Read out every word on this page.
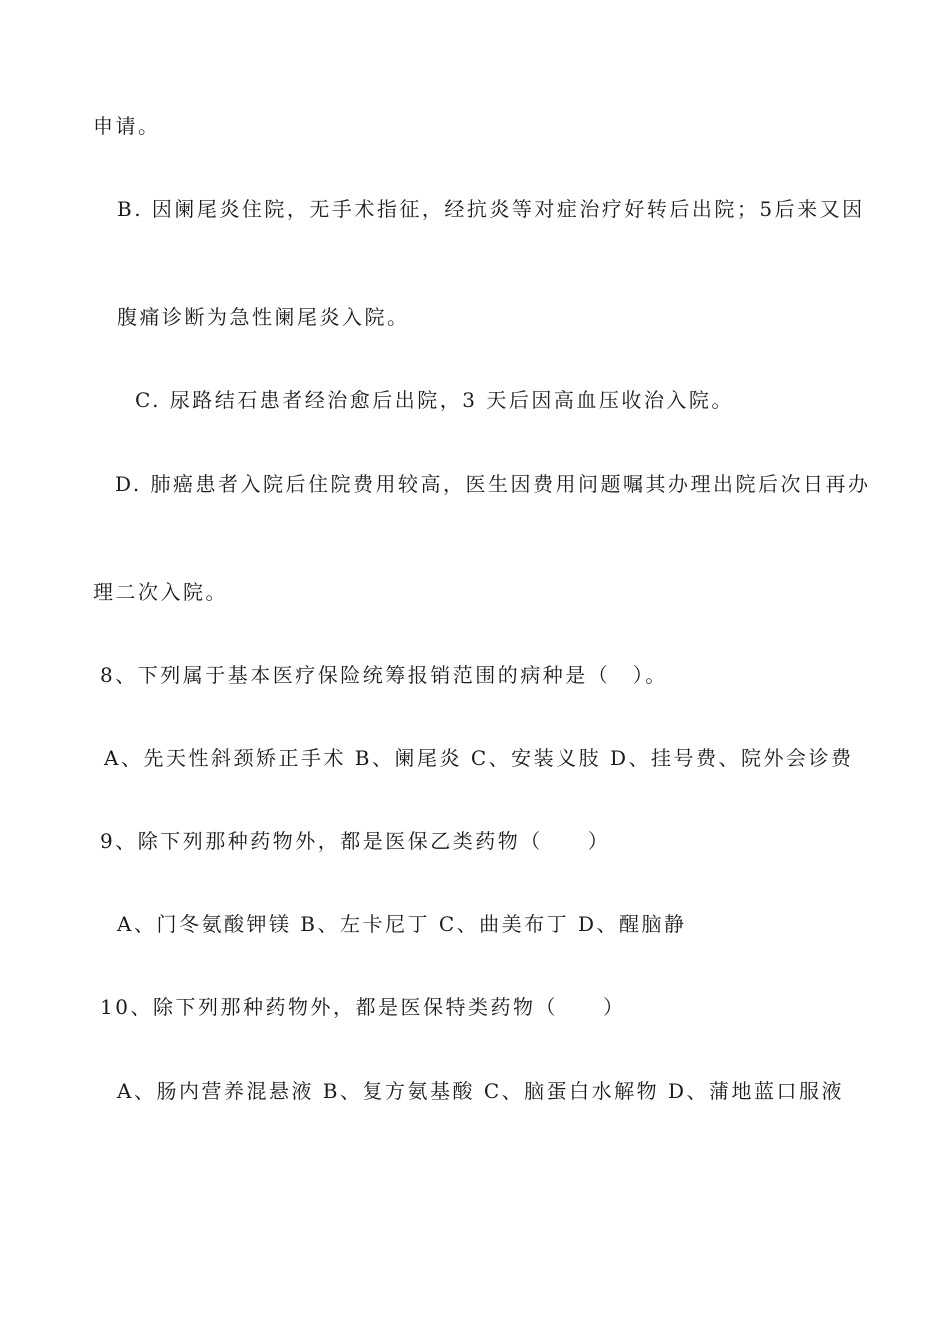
申请。
B. 因阑尾炎住院，无手术指征，经抗炎等对症治疗好转后出院；5后来又因
腹痛诊断为急性阑尾炎入院。
C. 尿路结石患者经治愈后出院，3 天后因高血压收治入院。
D. 肺癌患者入院后住院费用较高，医生因费用问题嘱其办理出院后次日再办
理二次入院。
8、下列属于基本医疗保险统筹报销范围的病种是（　）。
A、先天性斜颈矫正手术 B、阑尾炎 C、安装义肢 D、挂号费、院外会诊费
9、除下列那种药物外，都是医保乙类药物（　　）
A、门冬氨酸钾镁 B、左卡尼丁 C、曲美布丁 D、醒脑静
10、除下列那种药物外，都是医保特类药物（　　）
A、肠内营养混悬液 B、复方氨基酸 C、脑蛋白水解物 D、蒲地蓝口服液
